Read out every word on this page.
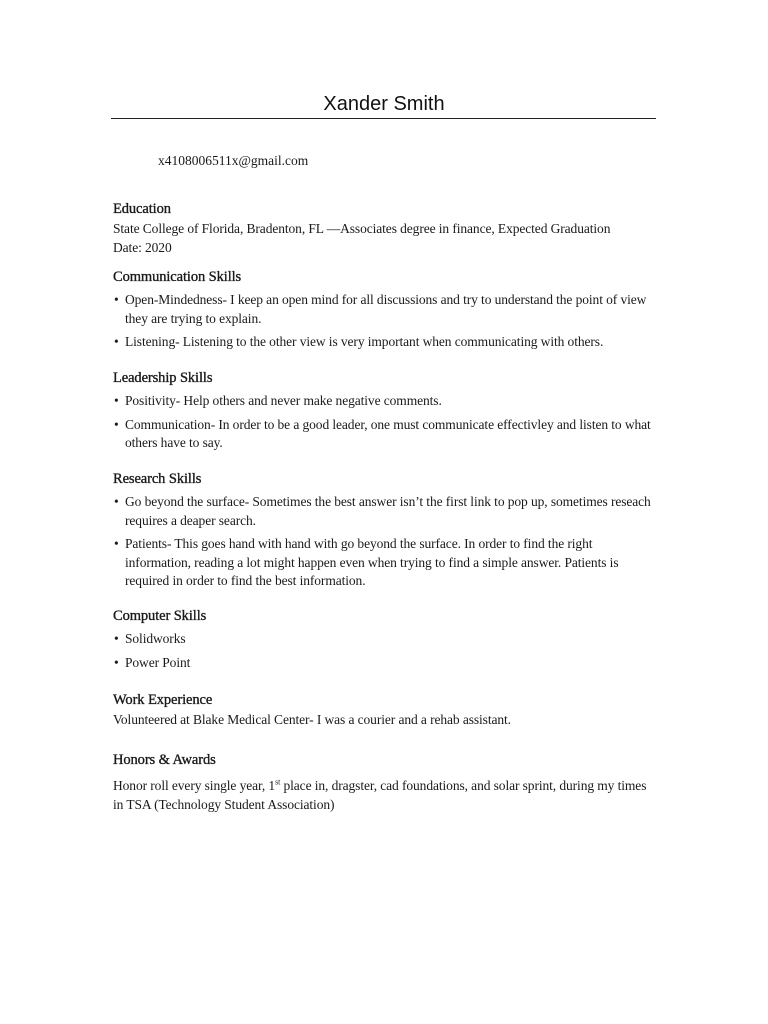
Xander Smith
x4108006511x@gmail.com
Education

State College of Florida, Bradenton, FL —Associates degree in finance, Expected Graduation Date: 2020

Communication Skills
• Open-Mindedness- I keep an open mind for all discussions and try to understand the point of view they are trying to explain.
• Listening- Listening to the other view is very important when communicating with others.
Leadership Skills
• Positivity- Help others and never make negative comments.
• Communication- In order to be a good leader, one must communicate effectivley and listen to what others have to say.
Research Skills
• Go beyond the surface- Sometimes the best answer isn’t the first link to pop up, sometimes reseach requires a deaper search.
• Patients- This goes hand with hand with go beyond the surface. In order to find the right information, reading a lot might happen even when trying to find a simple answer. Patients is required in order to find the best information.
Computer Skills
• Solidworks
• Power Point
Work Experience

Volunteered at Blake Medical Center- I was a courier and a rehab assistant.

Honors & Awards

Honor roll every single year, 1st place in, dragster, cad foundations, and solar sprint, during my times in TSA (Technology Student Association)
